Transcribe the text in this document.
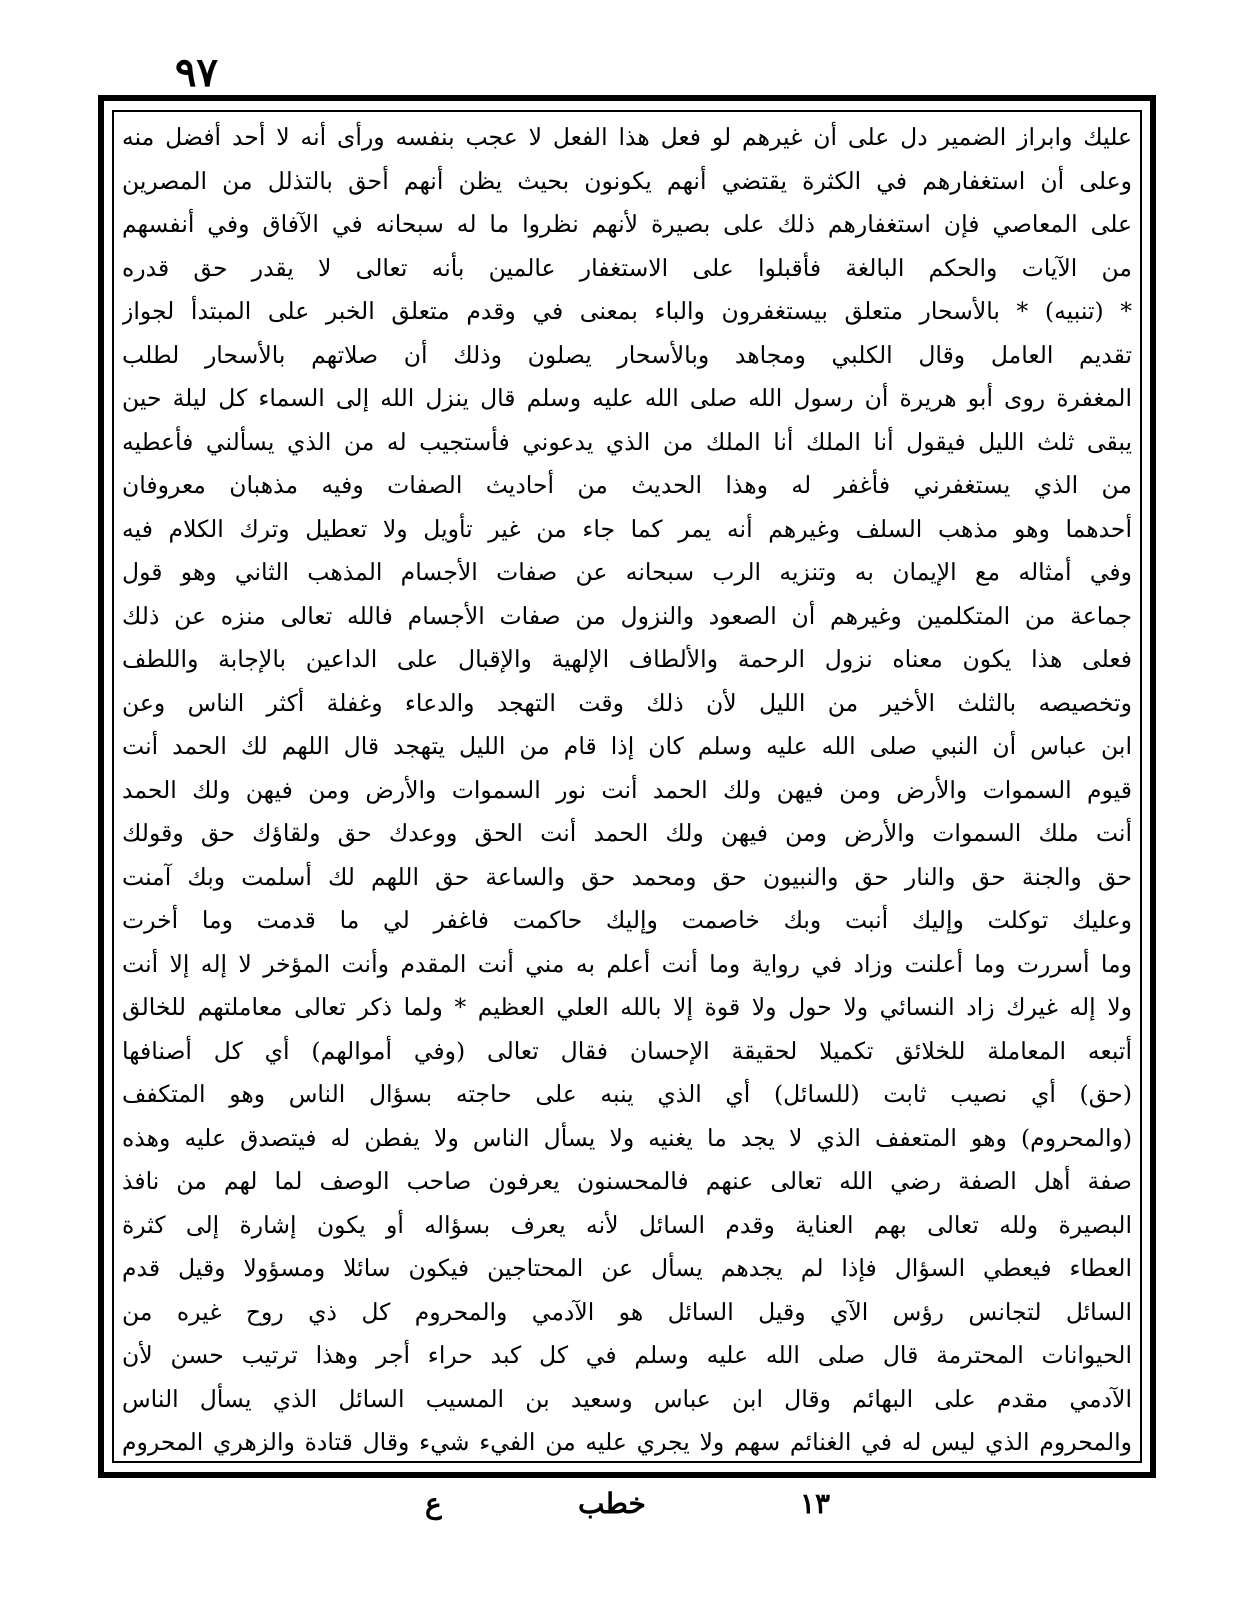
٩٧
عليك وابراز الضمير دل على أن غيرهم لو فعل هذا الفعل لا عجب بنفسه ورأى أنه لا أحد أفضل منه
وعلى أن استغفارهم في الكثرة يقتضي أنهم يكونون بحيث يظن أنهم أحق بالتذلل من المصرين
على المعاصي فإن استغفارهم ذلك على بصيرة لأنهم نظروا ما له سبحانه في الآفاق وفي أنفسهم
من الآيات والحكم البالغة فأقبلوا على الاستغفار عالمين بأنه تعالى لا يقدر حق قدره
* (تنبيه) * بالأسحار متعلق بيستغفرون والباء بمعنى في وقدم متعلق الخبر على المبتدأ لجواز
تقديم العامل وقال الكلبي ومجاهد وبالأسحار يصلون وذلك أن صلاتهم بالأسحار لطلب
المغفرة روى أبو هريرة أن رسول الله صلى الله عليه وسلم قال ينزل الله إلى السماء كل ليلة حين
يبقى ثلث الليل فيقول أنا الملك أنا الملك من الذي يدعوني فأستجيب له من الذي يسألني فأعطيه
من الذي يستغفرني فأغفر له وهذا الحديث من أحاديث الصفات وفيه مذهبان معروفان
أحدهما وهو مذهب السلف وغيرهم أنه يمر كما جاء من غير تأويل ولا تعطيل وترك الكلام فيه
وفي أمثاله مع الإيمان به وتنزيه الرب سبحانه عن صفات الأجسام المذهب الثاني وهو قول
جماعة من المتكلمين وغيرهم أن الصعود والنزول من صفات الأجسام فالله تعالى منزه عن ذلك
فعلى هذا يكون معناه نزول الرحمة والألطاف الإلهية والإقبال على الداعين بالإجابة واللطف
وتخصيصه بالثلث الأخير من الليل لأن ذلك وقت التهجد والدعاء وغفلة أكثر الناس وعن
ابن عباس أن النبي صلى الله عليه وسلم كان إذا قام من الليل يتهجد قال اللهم لك الحمد أنت
قيوم السموات والأرض ومن فيهن ولك الحمد أنت نور السموات والأرض ومن فيهن ولك الحمد
أنت ملك السموات والأرض ومن فيهن ولك الحمد أنت الحق ووعدك حق ولقاؤك حق وقولك
حق والجنة حق والنار حق والنبيون حق ومحمد حق والساعة حق اللهم لك أسلمت وبك آمنت
وعليك توكلت وإليك أنبت وبك خاصمت وإليك حاكمت فاغفر لي ما قدمت وما أخرت
وما أسررت وما أعلنت وزاد في رواية وما أنت أعلم به مني أنت المقدم وأنت المؤخر لا إله إلا أنت
ولا إله غيرك زاد النسائي ولا حول ولا قوة إلا بالله العلي العظيم * ولما ذكر تعالى معاملتهم للخالق
أتبعه المعاملة للخلائق تكميلا لحقيقة الإحسان فقال تعالى (وفي أموالهم) أي كل أصنافها
(حق) أي نصيب ثابت (للسائل) أي الذي ينبه على حاجته بسؤال الناس وهو المتكفف
(والمحروم) وهو المتعفف الذي لا يجد ما يغنيه ولا يسأل الناس ولا يفطن له فيتصدق عليه وهذه
صفة أهل الصفة رضي الله تعالى عنهم فالمحسنون يعرفون صاحب الوصف لما لهم من نافذ
البصيرة ولله تعالى بهم العناية وقدم السائل لأنه يعرف بسؤاله أو يكون إشارة إلى كثرة
العطاء فيعطي السؤال فإذا لم يجدهم يسأل عن المحتاجين فيكون سائلا ومسؤولا وقيل قدم
السائل لتجانس رؤس الآي وقيل السائل هو الآدمي والمحروم كل ذي روح غيره من
الحيوانات المحترمة قال صلى الله عليه وسلم في كل كبد حراء أجر وهذا ترتيب حسن لأن
الآدمي مقدم على البهائم وقال ابن عباس وسعيد بن المسيب السائل الذي يسأل الناس
والمحروم الذي ليس له في الغنائم سهم ولا يجري عليه من الفيء شيء وقال قتادة والزهري المحروم
١٣
خطب
ع
